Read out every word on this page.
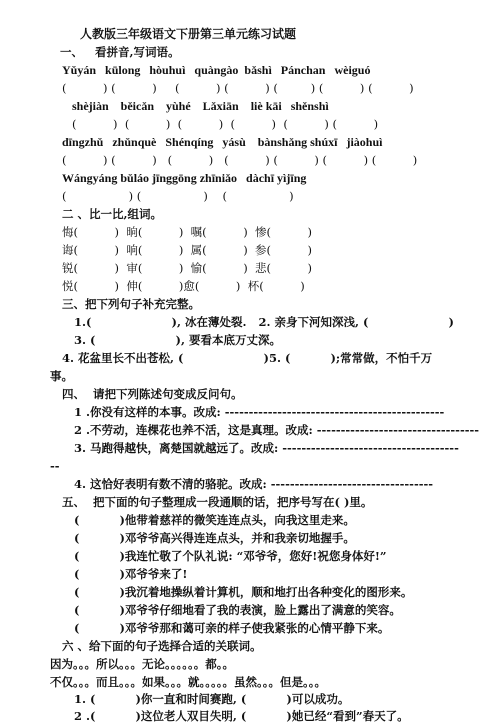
人教版三年级语文下册第三单元练习试题
一、   看拼音,写词语。
Yǔyán   kūlong   hòuhuì   quàngào  bǎshì   Pánchan   wèiguó
(          ) (          )     (          ) (          ) (         ) (          ) (          )
shèjiàn    běicǎn    yùhé    Lǎxiān    liè kāi   shěnshì
(          )  (          )  (          )  (          )  (          ) (          )
dīngzhǔ   zhǔnquè   Shénqíng   yásù    bànshǎng shúxī   jiàohuì
(          ) (          )   (          )   (          ) (          ) (          ) (          )
Wángyáng bǔláo jīnggōng zhīniǎo   dàchī yìjīng
(                 ) (                 )    (                 )
二 、比一比,组词。
悔(          )  晌(          )  嘱(          )  惨(          )
诲(          )  响(          )  属(          )  参(          )
锐(          )  审(          )  愉(          )  悲(          )
悦(          )  伸(          )愈(          )  杯(          )
三、把下列句子补充完整。
1.(                    ), 冰在薄处裂.   2. 亲身下河知深浅, (                    )
3. (                    ), 要看本底万丈深。
4. 花盆里长不出苍松, (                    )5. (          );常常做，不怕千万
事。
四、  请把下列陈述句变成反问句。
1 .你没有这样的本事。改成: ----------------------------------------------
2 .不劳动，连棵花也养不活，这是真理。改成: ----------------------------------
3. 马跑得越快，离楚国就越远了。改成: -------------------------------------
--
4. 这恰好表明有数不清的骆驼。改成: ----------------------------------
五、  把下面的句子整理成一段通顺的话，把序号写在( )里。
(          )他带着慈祥的微笑连连点头，向我这里走来。
(          )邓爷爷高兴得连连点头，并和我亲切地握手。
(          )我连忙敬了个队礼说: “邓爷爷，您好!祝您身体好!”
(          )邓爷爷来了!
(          )我沉着地操纵着计算机，顺和地打出各种变化的图形来。
(          )邓爷爷仔细地看了我的表演，脸上露出了满意的笑容。
(          )邓爷爷那和蔼可亲的样子使我紧张的心情平静下来。
六 、给下面的句子选择合适的关联词。
因为。。。所以。。。无论。。。。。。都。。
不仅。。。而且。。。如果。。。就。。。。。虽然。。。但是。。。
1. (          )你一直和时间赛跑, (          )可以成功。
2 .(          )这位老人双目失明, (          )她已经“看到”春天了。
